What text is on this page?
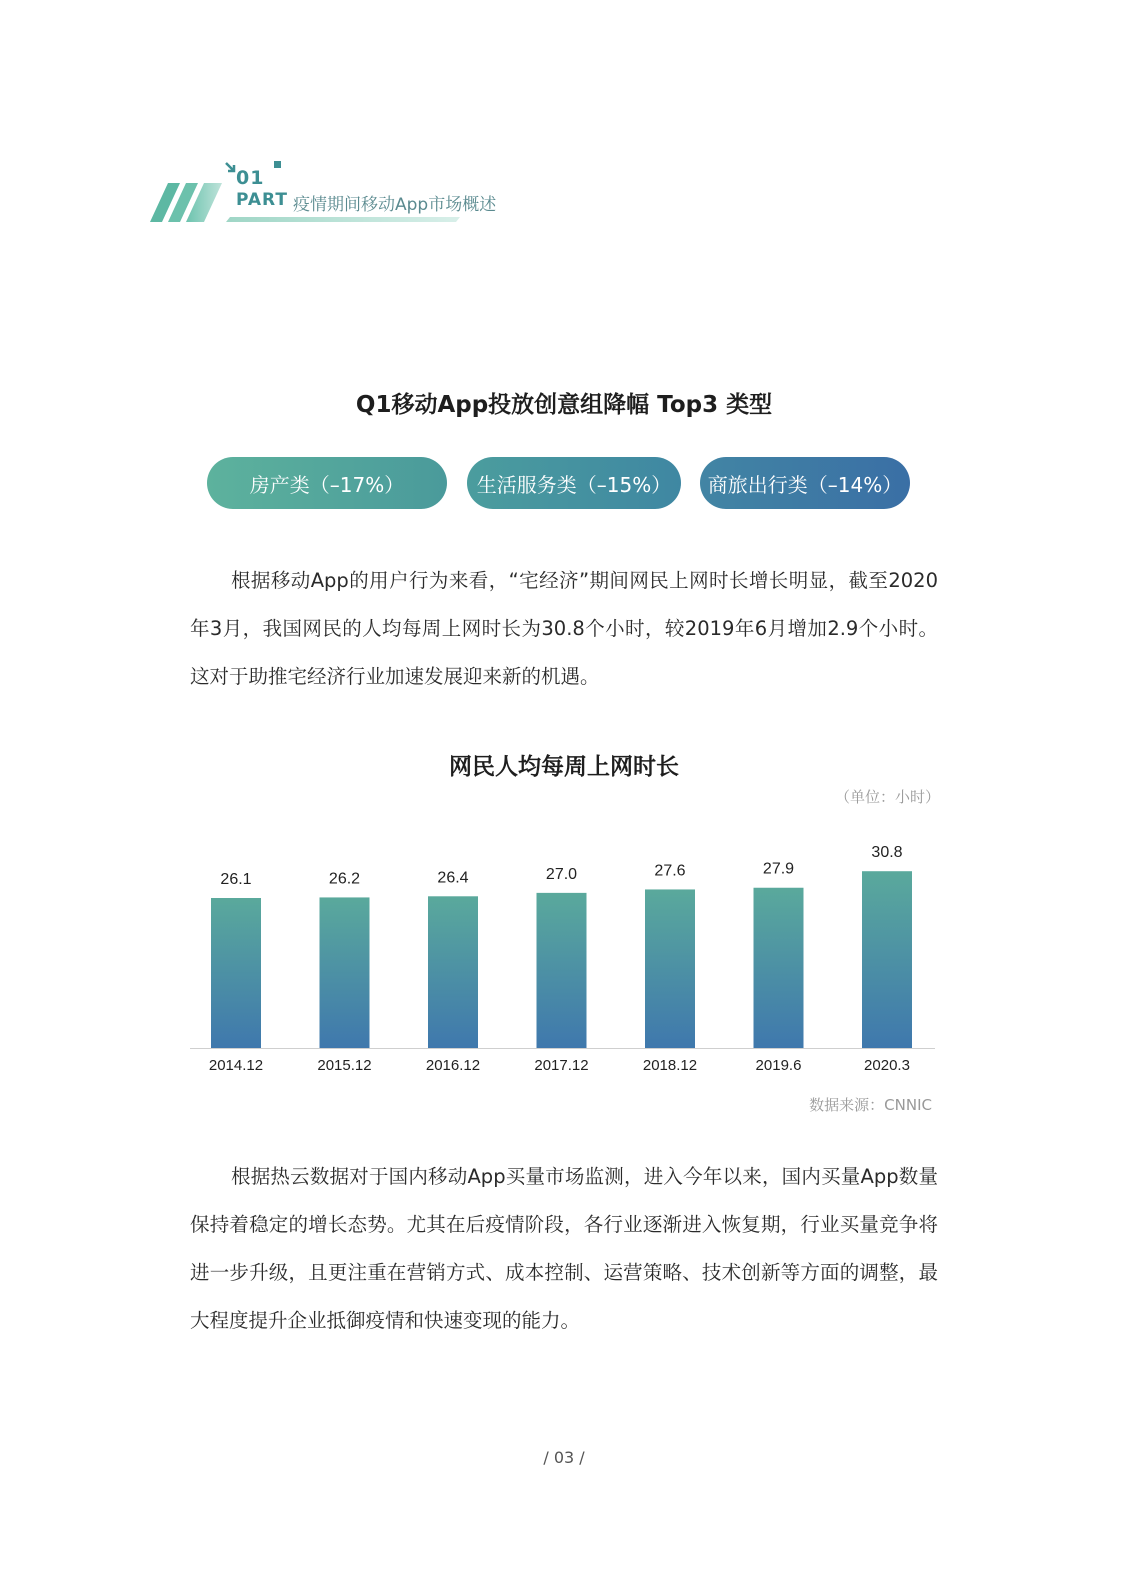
01
PART 疫情期间移动App市场概述
Q1移动App投放创意组降幅 Top3 类型
房产类（–17%）	生活服务类（–15%）	商旅出行类（–14%）

根据移动App的用户行为来看，“宅经济”期间网民上网时长增长明显，截至2020年3月，我国网民的人均每周上网时长为30.8个小时，较2019年6月增加2.9个小时。这对于助推宅经济行业加速发展迎来新的机遇。

网民人均每周上网时长
（单位：小时）
26.1
2014.12
26.2
2015.12
26.4
2016.12
27.0
2017.12
27.6
2018.12
27.9
2019.6
30.8
2020.3
数据来源：CNNIC

根据热云数据对于国内移动App买量市场监测，进入今年以来，国内买量App数量保持着稳定的增长态势。尤其在后疫情阶段，各行业逐渐进入恢复期，行业买量竞争将进一步升级，且更注重在营销方式、成本控制、运营策略、技术创新等方面的调整，最大程度提升企业抵御疫情和快速变现的能力。

/ 03 /
